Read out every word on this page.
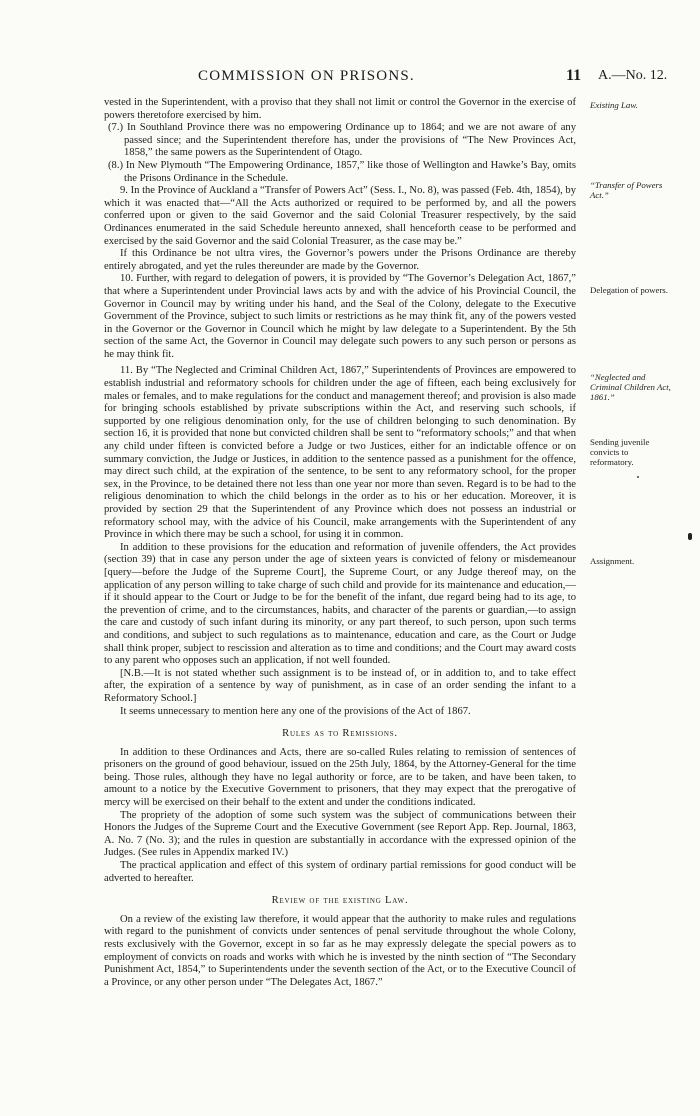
COMMISSION ON PRISONS.	11 A.—No. 12.

vested in the Superintendent, with a proviso that they shall not limit or control the Governor in the exercise of powers theretofore exercised by him.

(7.) In Southland Province there was no empowering Ordinance up to 1864; and we are not aware of any passed since; and the Superintendent therefore has, under the provisions of “The New Provinces Act, 1858,” the same powers as the Superintendent of Otago.

(8.) In New Plymouth “The Empowering Ordinance, 1857,” like those of Wellington and Hawke’s Bay, omits the Prisons Ordinance in the Schedule.

9. In the Province of Auckland a “Transfer of Powers Act” (Sess. I., No. 8), was passed (Feb. 4th, 1854), by which it was enacted that—“All the Acts authorized or required to be performed by, and all the powers conferred upon or given to the said Governor and the said Colonial Treasurer respectively, by the said Ordinances enumerated in the said Schedule hereunto annexed, shall henceforth cease to be performed and exercised by the said Governor and the said Colonial Treasurer, as the case may be.”

If this Ordinance be not ultra vires, the Governor’s powers under the Prisons Ordinance are thereby entirely abrogated, and yet the rules thereunder are made by the Governor.

10. Further, with regard to delegation of powers, it is provided by “The Governor’s Delegation Act, 1867,” that where a Superintendent under Provincial laws acts by and with the advice of his Provincial Council, the Governor in Council may by writing under his hand, and the Seal of the Colony, delegate to the Executive Government of the Province, subject to such limits or restrictions as he may think fit, any of the powers vested in the Governor or the Governor in Council which he might by law delegate to a Superintendent. By the 5th section of the same Act, the Governor in Council may delegate such powers to any such person or persons as he may think fit.

11. By “The Neglected and Criminal Children Act, 1867,” Superintendents of Provinces are empowered to establish industrial and reformatory schools for children under the age of fifteen, each being exclusively for males or females, and to make regulations for the conduct and management thereof; and provision is also made for bringing schools established by private subscriptions within the Act, and reserving such schools, if supported by one religious denomination only, for the use of children belonging to such denomination. By section 16, it is provided that none but convicted children shall be sent to “reformatory schools;” and that when any child under fifteen is convicted before a Judge or two Justices, either for an indictable offence or on summary conviction, the Judge or Justices, in addition to the sentence passed as a punishment for the offence, may direct such child, at the expiration of the sentence, to be sent to any reformatory school, for the proper sex, in the Province, to be detained there not less than one year nor more than seven. Regard is to be had to the religious denomination to which the child belongs in the order as to his or her education. Moreover, it is provided by section 29 that the Superintendent of any Province which does not possess an industrial or reformatory school may, with the advice of his Council, make arrangements with the Superintendent of any Province in which there may be such a school, for using it in common.

In addition to these provisions for the education and reformation of juvenile offenders, the Act provides (section 39) that in case any person under the age of sixteen years is convicted of felony or misdemeanour [query—before the Judge of the Supreme Court], the Supreme Court, or any Judge thereof may, on the application of any person willing to take charge of such child and provide for its maintenance and education,—if it should appear to the Court or Judge to be for the benefit of the infant, due regard being had to its age, to the prevention of crime, and to the circumstances, habits, and character of the parents or guardian,—to assign the care and custody of such infant during its minority, or any part thereof, to such person, upon such terms and conditions, and subject to such regulations as to maintenance, education and care, as the Court or Judge shall think proper, subject to rescission and alteration as to time and conditions; and the Court may award costs to any parent who opposes such an application, if not well founded.

[N.B.—It is not stated whether such assignment is to be instead of, or in addition to, and to take effect after, the expiration of a sentence by way of punishment, as in case of an order sending the infant to a Reformatory School.]

It seems unnecessary to mention here any one of the provisions of the Act of 1867.

Rules as to Remissions.

In addition to these Ordinances and Acts, there are so-called Rules relating to remission of sentences of prisoners on the ground of good behaviour, issued on the 25th July, 1864, by the Attorney-General for the time being. Those rules, although they have no legal authority or force, are to be taken, and have been taken, to amount to a notice by the Executive Government to prisoners, that they may expect that the prerogative of mercy will be exercised on their behalf to the extent and under the conditions indicated.

The propriety of the adoption of some such system was the subject of communications between their Honors the Judges of the Supreme Court and the Executive Government (see Report App. Rep. Journal, 1863, A. No. 7 (No. 3); and the rules in question are substantially in accordance with the expressed opinion of the Judges. (See rules in Appendix marked IV.)

The practical application and effect of this system of ordinary partial remissions for good conduct will be adverted to hereafter.

Review of the existing Law.

On a review of the existing law therefore, it would appear that the authority to make rules and regulations with regard to the punishment of convicts under sentences of penal servitude throughout the whole Colony, rests exclusively with the Governor, except in so far as he may expressly delegate the special powers as to employment of convicts on roads and works with which he is invested by the ninth section of “The Secondary Punishment Act, 1854,” to Superintendents under the seventh section of the Act, or to the Executive Council of a Province, or any other person under “The Delegates Act, 1867.”

Existing Law.
“Transfer of Powers Act.”
Delegation of powers.
“Neglected and Criminal Children Act, 1861.”
Sending juvenile convicts to reformatory.
Assignment.
